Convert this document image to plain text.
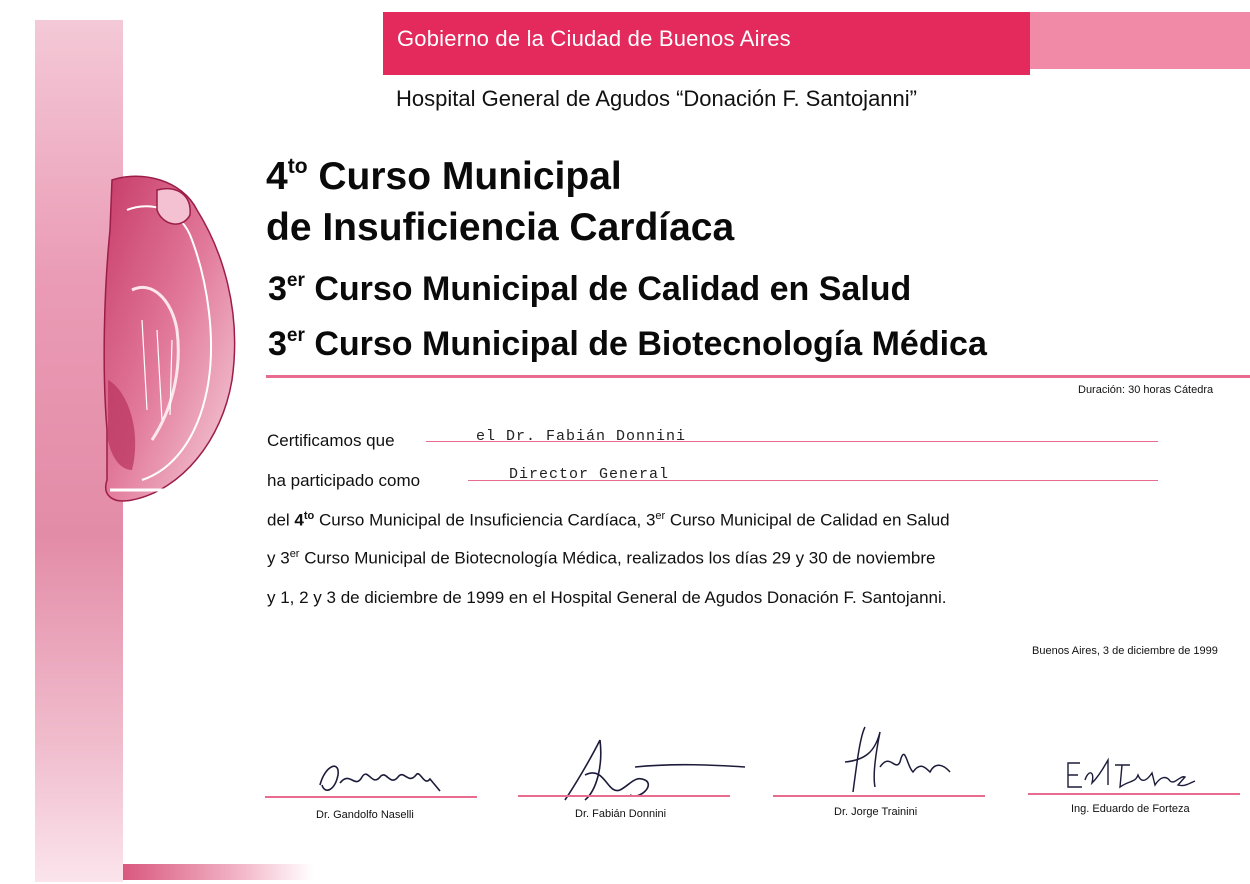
Gobierno de la Ciudad de Buenos Aires
Hospital General de Agudos “Donación F. Santojanni”
$4^{to}$ Curso Municipal
de Insuficiencia Cardíaca
3er Curso Municipal de Calidad en Salud
3er Curso Municipal de Biotecnología Médica
Duración: 30 horas Cátedra
Certificamos que	el Dr. Fabián Donnini
ha participado como	Director General
del $4^{to}$ Curso Municipal de Insuficiencia Cardíaca, 3er Curso Municipal de Calidad en Salud
y 3er Curso Municipal de Biotecnología Médica, realizados los días 29 y 30 de noviembre
y 1, 2 y 3 de diciembre de 1999 en el Hospital General de Agudos Donación F. Santojanni.
Buenos Aires, 3 de diciembre de 1999
Dr. Gandolfo Naselli	Dr. Fabián Donnini	Dr. Jorge Trainini	Ing. Eduardo de Forteza
